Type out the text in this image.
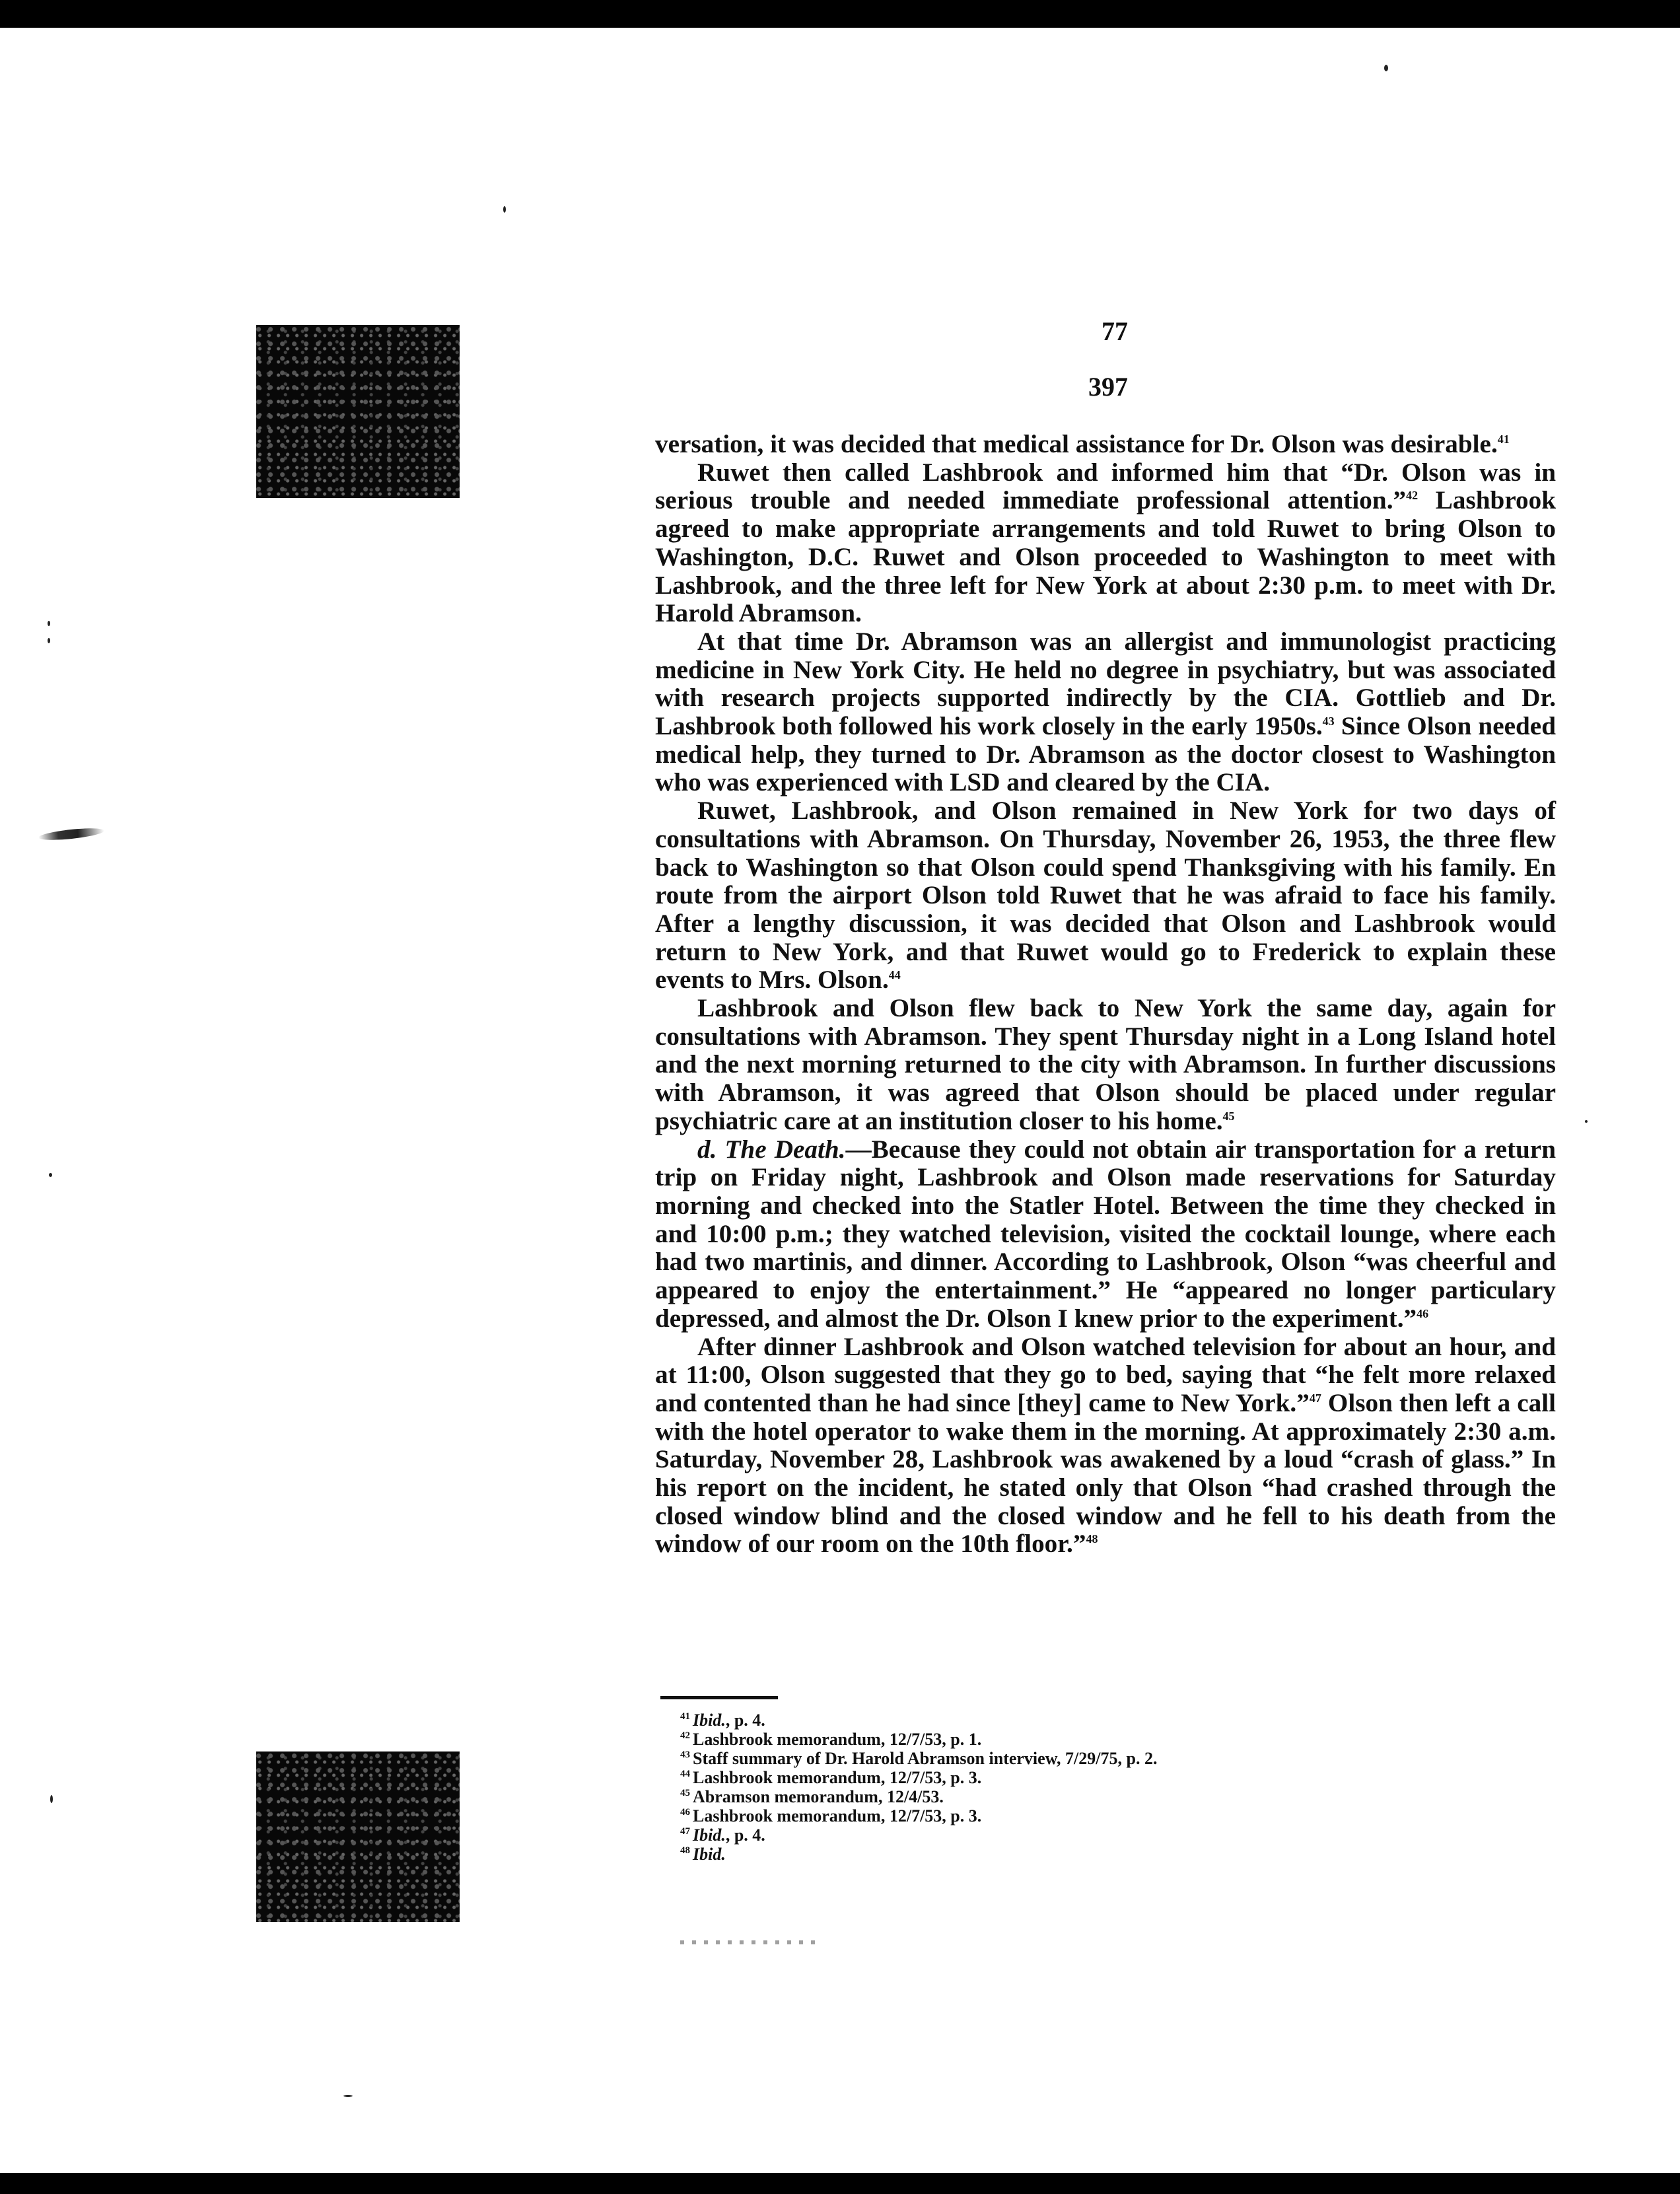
77
397

versation, it was decided that medical assistance for Dr. Olson was desirable.$^{41}$

Ruwet then called Lashbrook and informed him that “Dr. Olson was in serious trouble and needed immediate professional attention.”$^{42}$ Lashbrook agreed to make appropriate arrangements and told Ruwet to bring Olson to Washington, D.C. Ruwet and Olson proceeded to Washington to meet with Lashbrook, and the three left for New York at about 2:30 p.m. to meet with Dr. Harold Abramson.

At that time Dr. Abramson was an allergist and immunologist practicing medicine in New York City. He held no degree in psychiatry, but was associated with research projects supported indirectly by the CIA. Gottlieb and Dr. Lashbrook both followed his work closely in the early 1950s.$^{43}$ Since Olson needed medical help, they turned to Dr. Abramson as the doctor closest to Washington who was experienced with LSD and cleared by the CIA.

Ruwet, Lashbrook, and Olson remained in New York for two days of consultations with Abramson. On Thursday, November 26, 1953, the three flew back to Washington so that Olson could spend Thanksgiving with his family. En route from the airport Olson told Ruwet that he was afraid to face his family. After a lengthy discussion, it was decided that Olson and Lashbrook would return to New York, and that Ruwet would go to Frederick to explain these events to Mrs. Olson.$^{44}$

Lashbrook and Olson flew back to New York the same day, again for consultations with Abramson. They spent Thursday night in a Long Island hotel and the next morning returned to the city with Abramson. In further discussions with Abramson, it was agreed that Olson should be placed under regular psychiatric care at an institution closer to his home.$^{45}$

d. The Death.—Because they could not obtain air transportation for a return trip on Friday night, Lashbrook and Olson made reservations for Saturday morning and checked into the Statler Hotel. Between the time they checked in and 10:00 p.m.; they watched television, visited the cocktail lounge, where each had two martinis, and dinner. According to Lashbrook, Olson “was cheerful and appeared to enjoy the entertainment.” He “appeared no longer particulary depressed, and almost the Dr. Olson I knew prior to the experiment.”$^{46}$

After dinner Lashbrook and Olson watched television for about an hour, and at 11:00, Olson suggested that they go to bed, saying that “he felt more relaxed and contented than he had since [they] came to New York.”$^{47}$ Olson then left a call with the hotel operator to wake them in the morning. At approximately 2:30 a.m. Saturday, November 28, Lashbrook was awakened by a loud “crash of glass.” In his report on the incident, he stated only that Olson “had crashed through the closed window blind and the closed window and he fell to his death from the window of our room on the 10th floor.”$^{48}$

$^{41}$ Ibid., p. 4.
$^{42}$ Lashbrook memorandum, 12/7/53, p. 1.
$^{43}$ Staff summary of Dr. Harold Abramson interview, 7/29/75, p. 2.
$^{44}$ Lashbrook memorandum, 12/7/53, p. 3.
$^{45}$ Abramson memorandum, 12/4/53.
$^{46}$ Lashbrook memorandum, 12/7/53, p. 3.
$^{47}$ Ibid., p. 4.
$^{48}$ Ibid.
